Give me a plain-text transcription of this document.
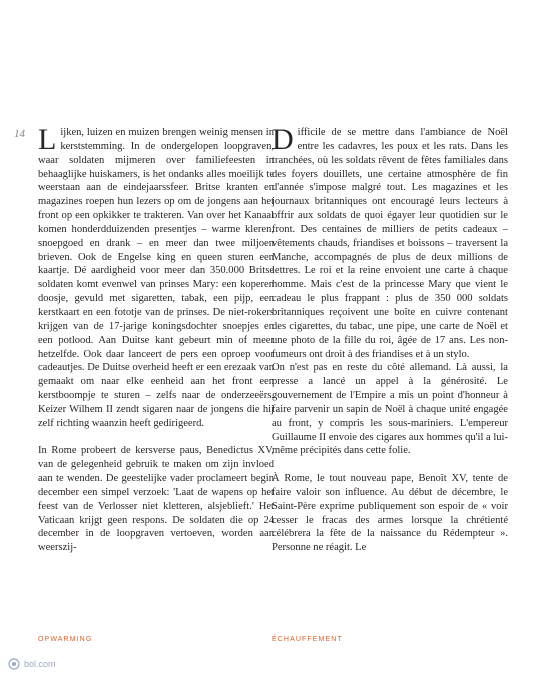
14 Lijken, luizen en muizen brengen weinig mensen in kerststemming. In de ondergelopen loopgraven, waar soldaten mijmeren over familiefeesten in behaaglijke huiskamers, is het ondanks alles moeilijk te weerstaan aan de eindejaarssfeer. Britse kranten en magazines roepen hun lezers op om de jongens aan het front op een opkikker te trakteren. Van over het Kanaal komen honderdduizenden presentjes – warme kleren, snoepgoed en drank – en meer dan twee miljoen brieven. Ook de Engelse king en queen sturen een kaartje. Dé aardigheid voor meer dan 350.000 Britse soldaten komt evenwel van prinses Mary: een koperen doosje, gevuld met sigaretten, tabak, een pijp, een kerstkaart en een fototje van de prinses. De niet-rokers krijgen van de 17-jarige koningsdochter snoepjes en een potlood. Aan Duitse kant gebeurt min of meer hetzelfde. Ook daar lanceert de pers een oproep voor cadeautjes. De Duitse overheid heeft er een erezaak van gemaakt om naar elke eenheid aan het front een kerstboompje te sturen – zelfs naar de onderzeeërs. Keizer Wilhem II zendt sigaren naar de jongens die hij zelf richting waanzin heeft gedirigeerd.

In Rome probeert de kersverse paus, Benedictus XV, van de gelegenheid gebruik te maken om zijn invloed aan te wenden. De geestelijke vader proclameert begin december een simpel verzoek: 'Laat de wapens op het feest van de Verlosser niet kletteren, alsjeblieft.' Het Vaticaan krijgt geen respons. De soldaten die op 24 december in de loopgraven vertoeven, worden aan weerszij-

Difficile de se mettre dans l'ambiance de Noël entre les cadavres, les poux et les rats. Dans les tranchées, où les soldats rêvent de fêtes familiales dans des foyers douillets, une certaine atmosphère de fin d'année s'impose malgré tout. Les magazines et les journaux britanniques ont encouragé leurs lecteurs à offrir aux soldats de quoi égayer leur quotidien sur le front. Des centaines de milliers de petits cadeaux – vêtements chauds, friandises et boissons – traversent la Manche, accompagnés de plus de deux millions de lettres. Le roi et la reine envoient une carte à chaque homme. Mais c'est de la princesse Mary que vient le cadeau le plus frappant : plus de 350 000 soldats britanniques reçoivent une boîte en cuivre contenant des cigarettes, du tabac, une pipe, une carte de Noël et une photo de la fille du roi, âgée de 17 ans. Les non-fumeurs ont droit à des friandises et à un stylo.

On n'est pas en reste du côté allemand. Là aussi, la presse a lancé un appel à la générosité. Le gouvernement de l'Empire a mis un point d'honneur à faire parvenir un sapin de Noël à chaque unité engagée au front, y compris les sous-mariniers. L'empereur Guillaume II envoie des cigares aux hommes qu'il a lui-même précipités dans cette folie.

À Rome, le tout nouveau pape, Benoît XV, tente de faire valoir son influence. Au début de décembre, le Saint-Père exprime publiquement son espoir de « voir cesser le fracas des armes lorsque la chrétienté célébrera la fête de la naissance du Rédempteur ». Personne ne réagit. Le

OPWARMING	ÉCHAUFFEMENT
bol.com
